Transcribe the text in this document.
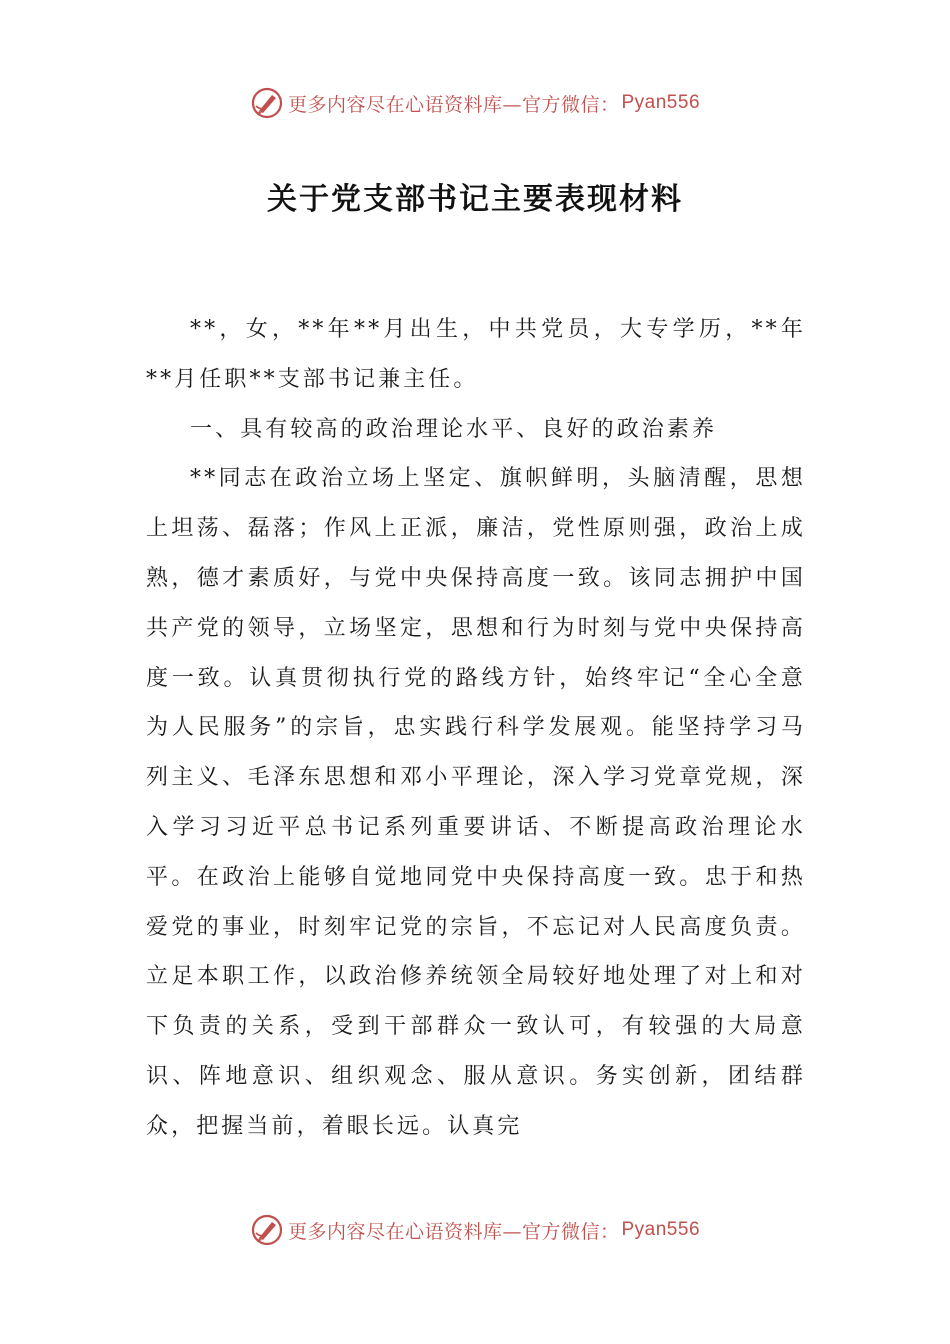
更多内容尽在心语资料库—官方微信： Pyan556
关于党支部书记主要表现材料

**，女，**年**月出生，中共党员，大专学历，**年**月任职**支部书记兼主任。

一、具有较高的政治理论水平、良好的政治素养

**同志在政治立场上坚定、旗帜鲜明，头脑清醒，思想上坦荡、磊落；作风上正派，廉洁，党性原则强，政治上成熟，德才素质好，与党中央保持高度一致。该同志拥护中国共产党的领导，立场坚定，思想和行为时刻与党中央保持高度一致。认真贯彻执行党的路线方针，始终牢记“全心全意为人民服务”的宗旨，忠实践行科学发展观。能坚持学习马列主义、毛泽东思想和邓小平理论，深入学习党章党规，深入学习习近平总书记系列重要讲话、不断提高政治理论水平。在政治上能够自觉地同党中央保持高度一致。忠于和热爱党的事业，时刻牢记党的宗旨，不忘记对人民高度负责。立足本职工作，以政治修养统领全局较好地处理了对上和对下负责的关系，受到干部群众一致认可，有较强的大局意识、阵地意识、组织观念、服从意识。务实创新，团结群众，把握当前，着眼长远。认真完

更多内容尽在心语资料库—官方微信： Pyan556
